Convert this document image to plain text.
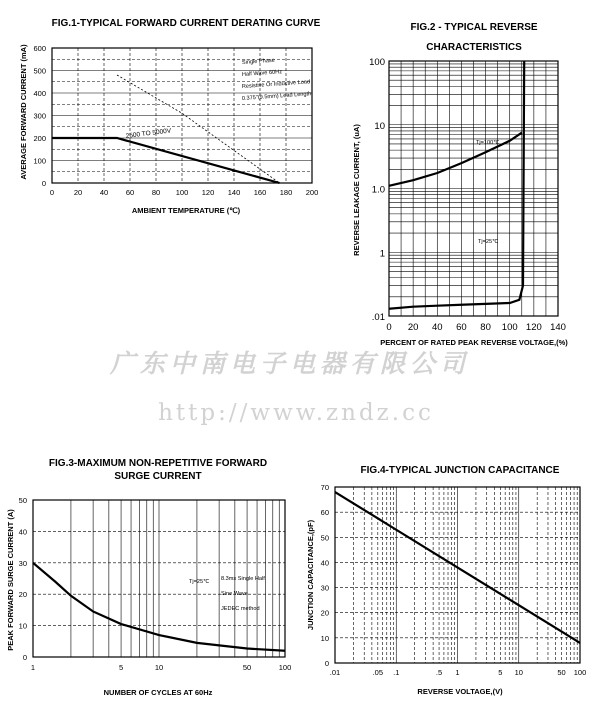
FIG.1-TYPICAL FORWARD CURRENT DERATING CURVE
AMBIENT TEMPERATURE (℃)
AVERAGE FORWARD CURRENT (mA)
0	20 40 60 80 100 120 140 160 180 200
0
100
200
300
400
500
600
Single Phase
Half Wave 60Hz
Resistive Or Inductive Load
0.375"(9.5mm) Lead Length
2500 TO 5000V
FIG.2 - TYPICAL REVERSE
CHARACTERISTICS
PERCENT OF RATED PEAK REVERSE VOLTAGE,(%)
REVERSE LEAKAGE CURRENT, (uA)
0 20 40 60 80 100 120 140
.01
1
1.0
10
100
Tj=100℃
Tj=25℃
广东中南电子电器有限公司
http://www.zndz.cc
FIG.3-MAXIMUM NON-REPETITIVE FORWARD
SURGE CURRENT
NUMBER OF CYCLES AT 60Hz
PEAK FORWARD SURGE CURRENT (A)
1	5	10	50	100
0
10
20
30
40
50
Tj=25℃ 8.3ms Single Half
Sine Wave
JEDEC method
FIG.4-TYPICAL JUNCTION CAPACITANCE
REVERSE VOLTAGE,(V)
JUNCTION CAPACITANCE,(pF)
.01	.05 .1	.5 1	5 10	50 100
0
10
20
30
40
50
60
70
